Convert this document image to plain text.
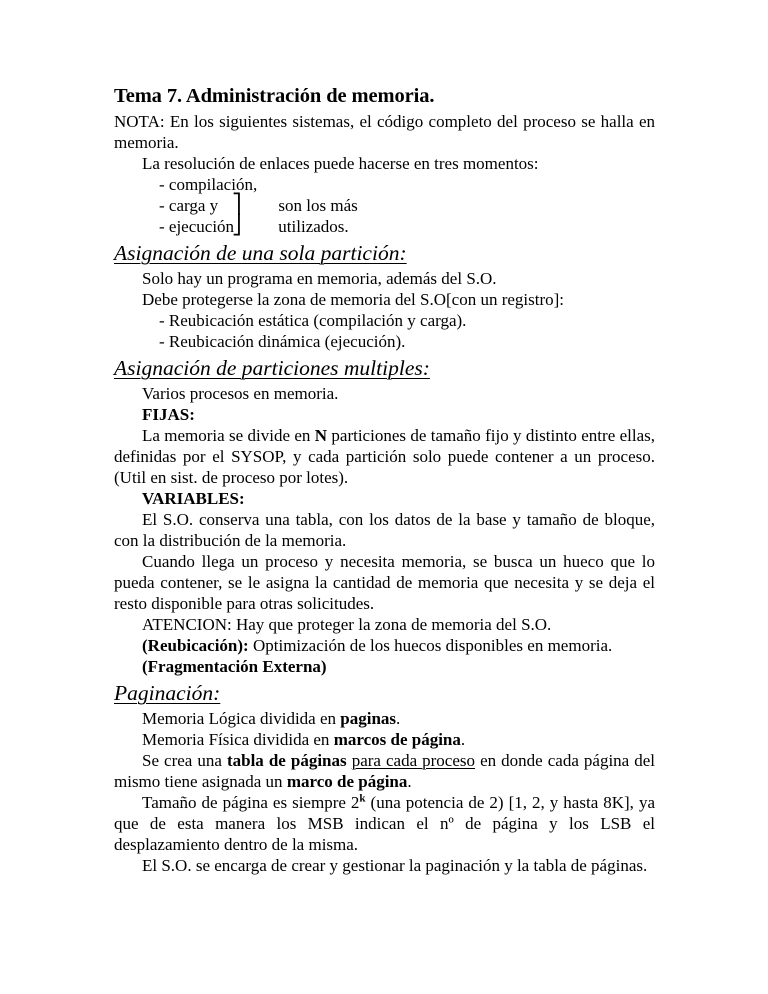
Tema 7. Administración de memoria.

NOTA: En los siguientes sistemas, el código completo del proceso se halla en memoria.

La resolución de enlaces puede hacerse en tres momentos:

- compilación,

- carga y ⎤ son los más

- ejecución
⎦ utilizados.

Asignación de una sola partición:

Solo hay un programa en memoria, además del S.O.

Debe protegerse la zona de memoria del S.O[con un registro]:

- Reubicación estática (compilación y carga).

- Reubicación dinámica (ejecución).

Asignación de particiones multiples:

Varios procesos en memoria.

FIJAS:

La memoria se divide en N particiones de tamaño fijo y distinto entre ellas, definidas por el SYSOP, y cada partición solo puede contener a un proceso. (Util en sist. de proceso por lotes).

VARIABLES:

El S.O. conserva una tabla, con los datos de la base y tamaño de bloque, con la distribución de la memoria.

Cuando llega un proceso y necesita memoria, se busca un hueco que lo pueda contener, se le asigna la cantidad de memoria que necesita y se deja el resto disponible para otras solicitudes.

ATENCION: Hay que proteger la zona de memoria del S.O.

(Reubicación): Optimización de los huecos disponibles en memoria.

(Fragmentación Externa)

Paginación:

Memoria Lógica dividida en paginas.

Memoria Física dividida en marcos de página.

Se crea una tabla de páginas para cada proceso en donde cada página del mismo tiene asignada un marco de página.

Tamaño de página es siempre 2$^k$ (una potencia de 2) [1, 2, y hasta 8K], ya que de esta manera los MSB indican el nº de página y los LSB el desplazamiento dentro de la misma.

El S.O. se encarga de crear y gestionar la paginación y la tabla de páginas.
